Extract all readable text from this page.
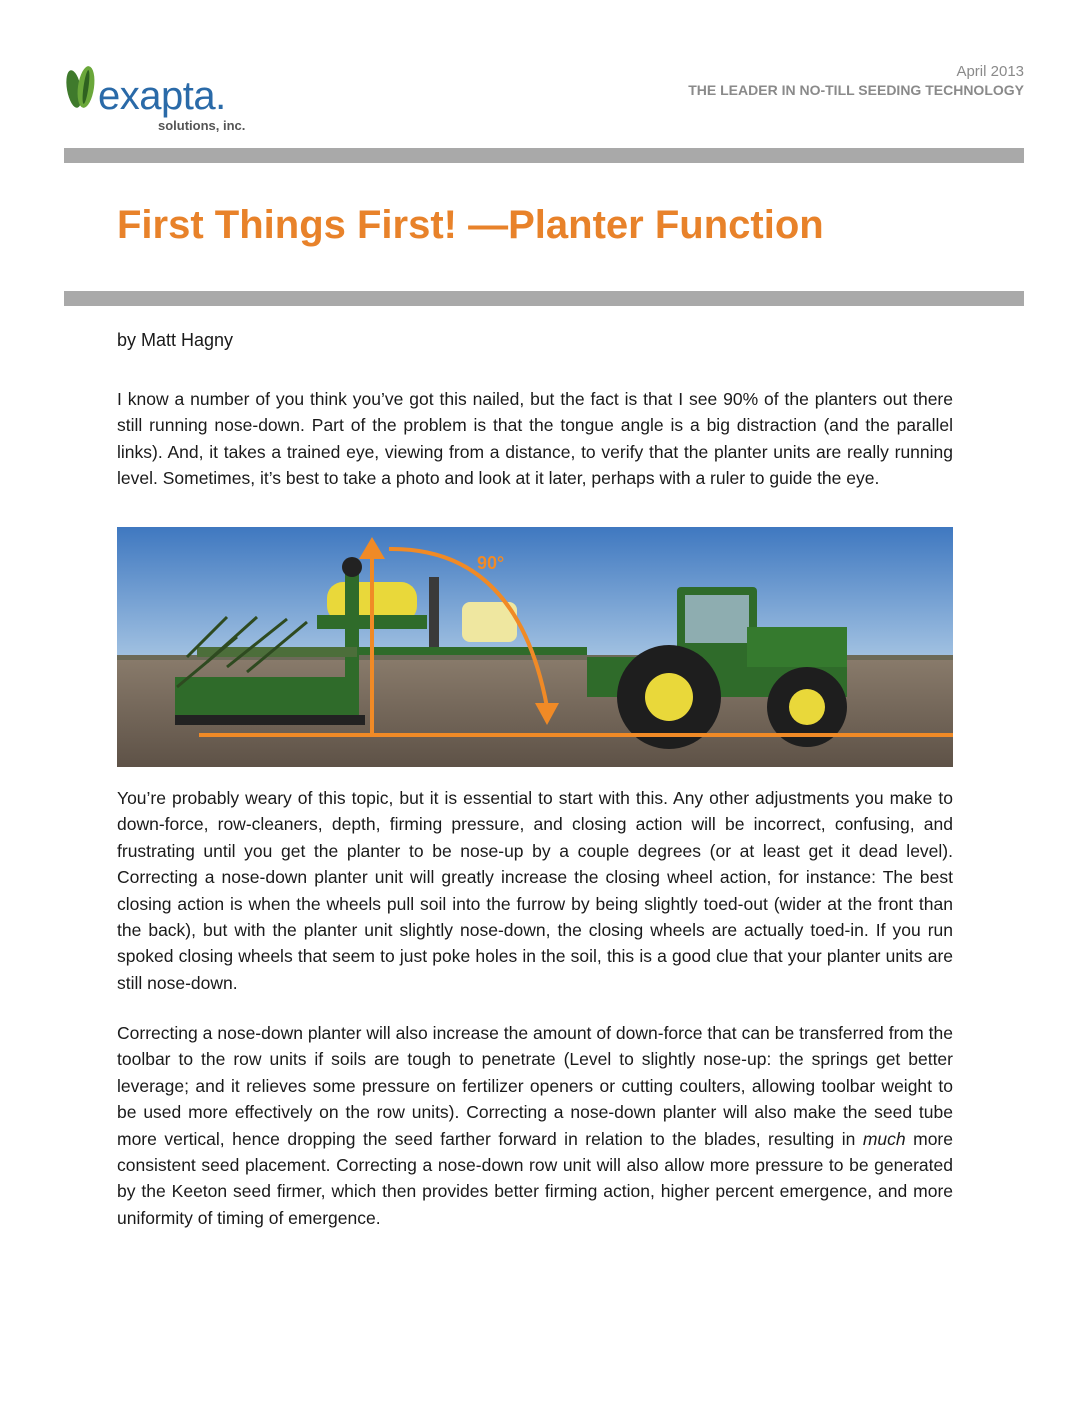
exapta.
solutions, inc.
April 2013
THE LEADER IN NO-TILL SEEDING TECHNOLOGY
First Things First! —Planter Function

by Matt Hagny

I know a number of you think you’ve got this nailed, but the fact is that I see 90% of the planters out there still running nose-down. Part of the problem is that the tongue angle is a big distraction (and the parallel links). And, it takes a trained eye, viewing from a distance, to verify that the planter units are really running level. Sometimes, it’s best to take a photo and look at it later, perhaps with a ruler to guide the eye.

90°

You’re probably weary of this topic, but it is essential to start with this. Any other adjustments you make to down-force, row-cleaners, depth, firming pressure, and closing action will be incorrect, confusing, and frustrating until you get the planter to be nose-up by a couple degrees (or at least get it dead level). Correcting a nose-down planter unit will greatly increase the closing wheel action, for instance: The best closing action is when the wheels pull soil into the furrow by being slightly toed-out (wider at the front than the back), but with the planter unit slightly nose-down, the closing wheels are actually toed-in. If you run spoked closing wheels that seem to just poke holes in the soil, this is a good clue that your planter units are still nose-down.

Correcting a nose-down planter will also increase the amount of down-force that can be transferred from the toolbar to the row units if soils are tough to penetrate (Level to slightly nose-up: the springs get better leverage; and it relieves some pressure on fertilizer openers or cutting coulters, allowing toolbar weight to be used more effectively on the row units). Correcting a nose-down planter will also make the seed tube more vertical, hence dropping the seed farther forward in relation to the blades, resulting in much more consistent seed placement. Correcting a nose-down row unit will also allow more pressure to be generated by the Keeton seed firmer, which then provides better firming action, higher percent emergence, and more uniformity of timing of emergence.
